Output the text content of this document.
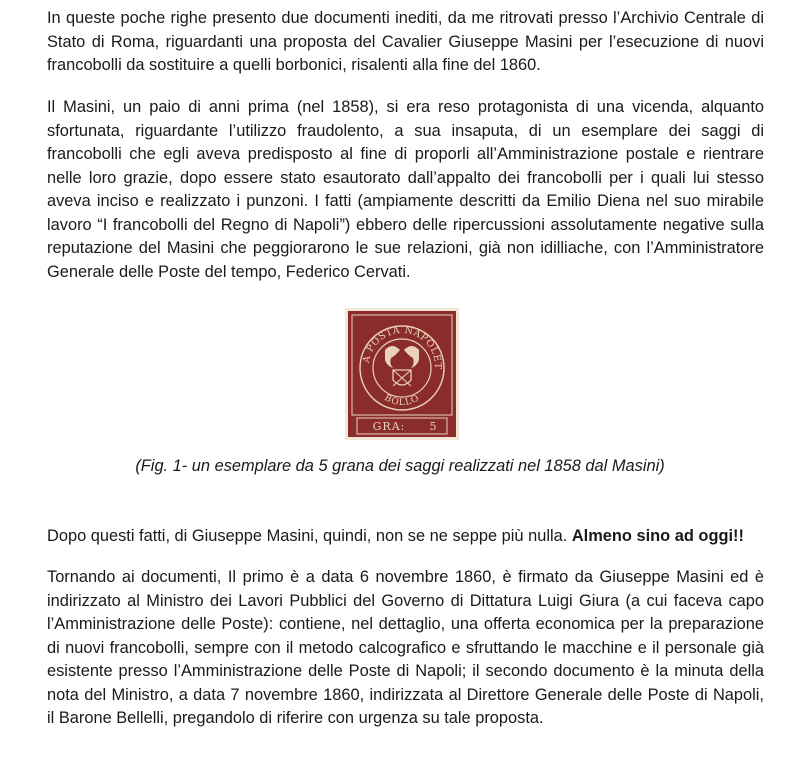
In queste poche righe presento due documenti inediti, da me ritrovati presso l’Archivio Centrale di Stato di Roma, riguardanti una proposta del Cavalier Giuseppe Masini per l’esecuzione di nuovi francobolli da sostituire a quelli borbonici, risalenti alla fine del 1860.

Il Masini, un paio di anni prima (nel 1858), si era reso protagonista di una vicenda, alquanto sfortunata, riguardante l’utilizzo fraudolento, a sua insaputa, di un esemplare dei saggi di francobolli che egli aveva predisposto al fine di proporli all’Amministrazione postale e rientrare nelle loro grazie, dopo essere stato esautorato dall’appalto dei francobolli per i quali lui stesso aveva inciso e realizzato i punzoni. I fatti (ampiamente descritti da Emilio Diena nel suo mirabile lavoro “I francobolli del Regno di Napoli”) ebbero delle ripercussioni assolutamente negative sulla reputazione del Masini che peggiorarono le sue relazioni, già non idilliache, con l’Amministratore Generale delle Poste del tempo, Federico Cervati.

A POSTA NAPOLET
BOLLO
GRA: 5
(Fig. 1- un esemplare da 5 grana dei saggi realizzati nel 1858 dal Masini)

Dopo questi fatti, di Giuseppe Masini, quindi, non se ne seppe più nulla. Almeno sino ad oggi!!

Tornando ai documenti, Il primo è a data 6 novembre 1860, è firmato da Giuseppe Masini ed è indirizzato al Ministro dei Lavori Pubblici del Governo di Dittatura Luigi Giura (a cui faceva capo l’Amministrazione delle Poste): contiene, nel dettaglio, una offerta economica per la preparazione di nuovi francobolli, sempre con il metodo calcografico e sfruttando le macchine e il personale già esistente presso l’Amministrazione delle Poste di Napoli; il secondo documento è la minuta della nota del Ministro, a data 7 novembre 1860, indirizzata al Direttore Generale delle Poste di Napoli, il Barone Bellelli, pregandolo di riferire con urgenza su tale proposta.
